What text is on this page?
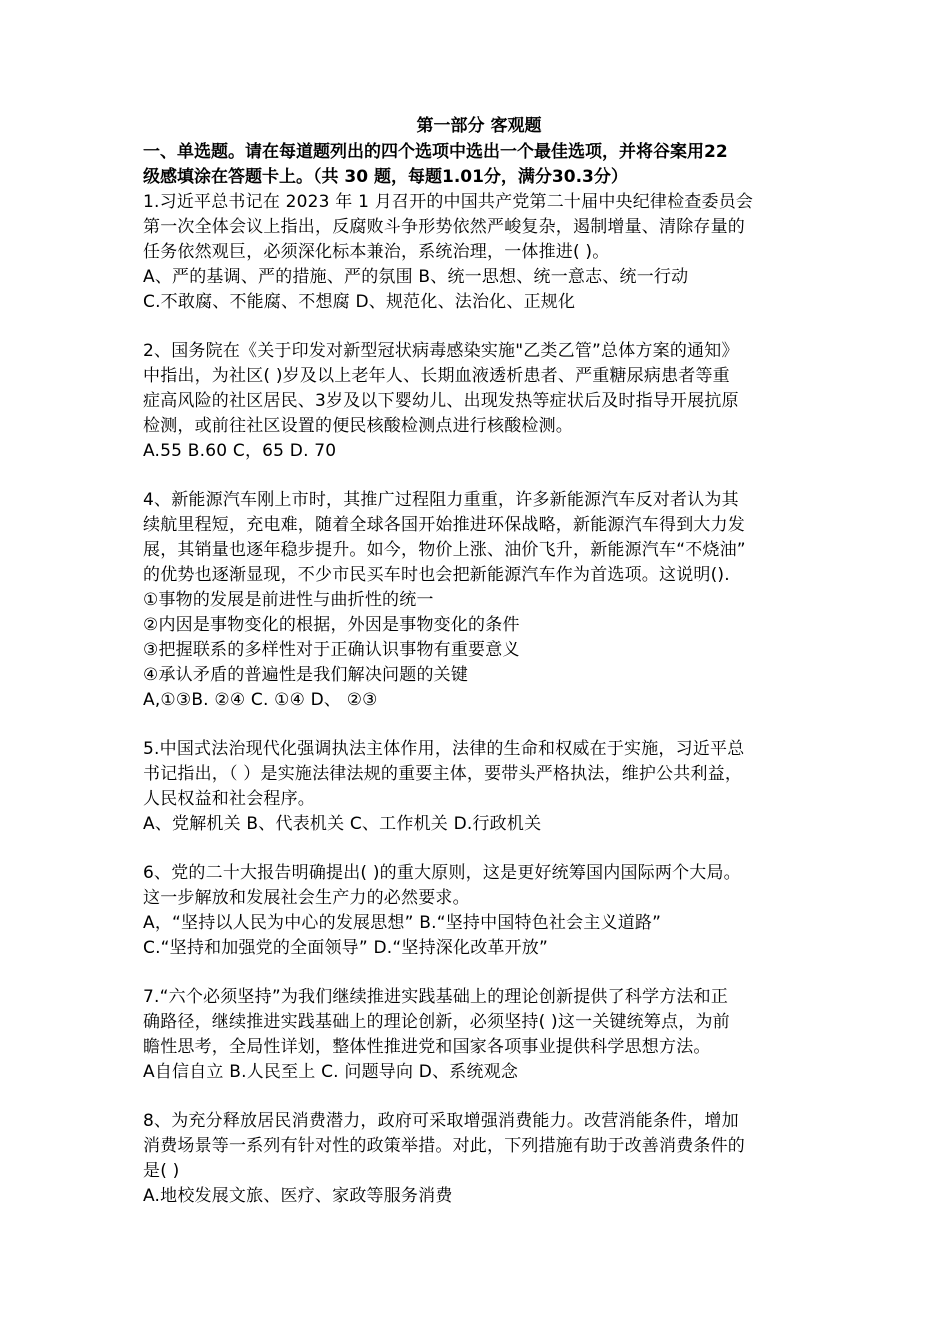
第一部分 客观题
一、单选题。请在每道题列出的四个选项中选出一个最佳选项，并将谷案用22
级感填涂在答题卡上。（共 30 题，每题1.01分，满分30.3分）
1.习近平总书记在 2023 年 1 月召开的中国共产党第二十届中央纪律检查委员会
第一次全体会议上指出，反腐败斗争形势依然严峻复杂，遏制增量、清除存量的
任务依然观巨，必须深化标本兼治，系统治理，一体推进( )。
A、严的基调、严的措施、严的氛围 B、统一思想、统一意志、统一行动
C.不敢腐、不能腐、不想腐 D、规范化、法治化、正规化
2、国务院在《关于印发对新型冠状病毒感染实施"乙类乙管”总体方案的通知》
中指出，为社区( )岁及以上老年人、长期血液透析患者、严重糖尿病患者等重
症高风险的社区居民、3岁及以下婴幼儿、出现发热等症状后及时指导开展抗原
检测，或前往社区设置的便民核酸检测点进行核酸检测。
A.55 B.60 C，65 D. 70
4、新能源汽车刚上市时，其推广过程阻力重重，许多新能源汽车反对者认为其
续航里程短，充电难，随着全球各国开始推进环保战略，新能源汽车得到大力发
展，其销量也逐年稳步提升。如今，物价上涨、油价飞升，新能源汽车“不烧油”
的优势也逐渐显现，不少市民买车时也会把新能源汽车作为首选项。这说明().
①事物的发展是前进性与曲折性的统一
②内因是事物变化的根据，外因是事物变化的条件
③把握联系的多样性对于正确认识事物有重要意义
④承认矛盾的普遍性是我们解决问题的关键
A,①③B. ②④ C. ①④ D、 ②③
5.中国式法治现代化强调执法主体作用，法律的生命和权威在于实施，习近平总
书记指出，（ ）是实施法律法规的重要主体，要带头严格执法，维护公共利益，
人民权益和社会程序。
A、党解机关 B、代表机关 C、工作机关 D.行政机关
6、党的二十大报告明确提出( )的重大原则，这是更好统筹国内国际两个大局。
这一步解放和发展社会生产力的必然要求。
A，“坚持以人民为中心的发展思想” B.“坚持中国特色社会主义道路”
C.“坚持和加强党的全面领导” D.“坚持深化改革开放”
7.“六个必须坚持”为我们继续推进实践基础上的理论创新提供了科学方法和正
确路径，继续推进实践基础上的理论创新，必须坚持( )这一关键统筹点，为前
瞻性思考，全局性详划，整体性推进党和国家各项事业提供科学思想方法。
A自信自立 B.人民至上 C. 问题导向 D、系统观念
8、为充分释放居民消费潜力，政府可采取增强消费能力。改营消能条件，增加
消费场景等一系列有针对性的政策举措。对此，下列措施有助于改善消费条件的
是( )
A.地校发展文旅、医疗、家政等服务消费
